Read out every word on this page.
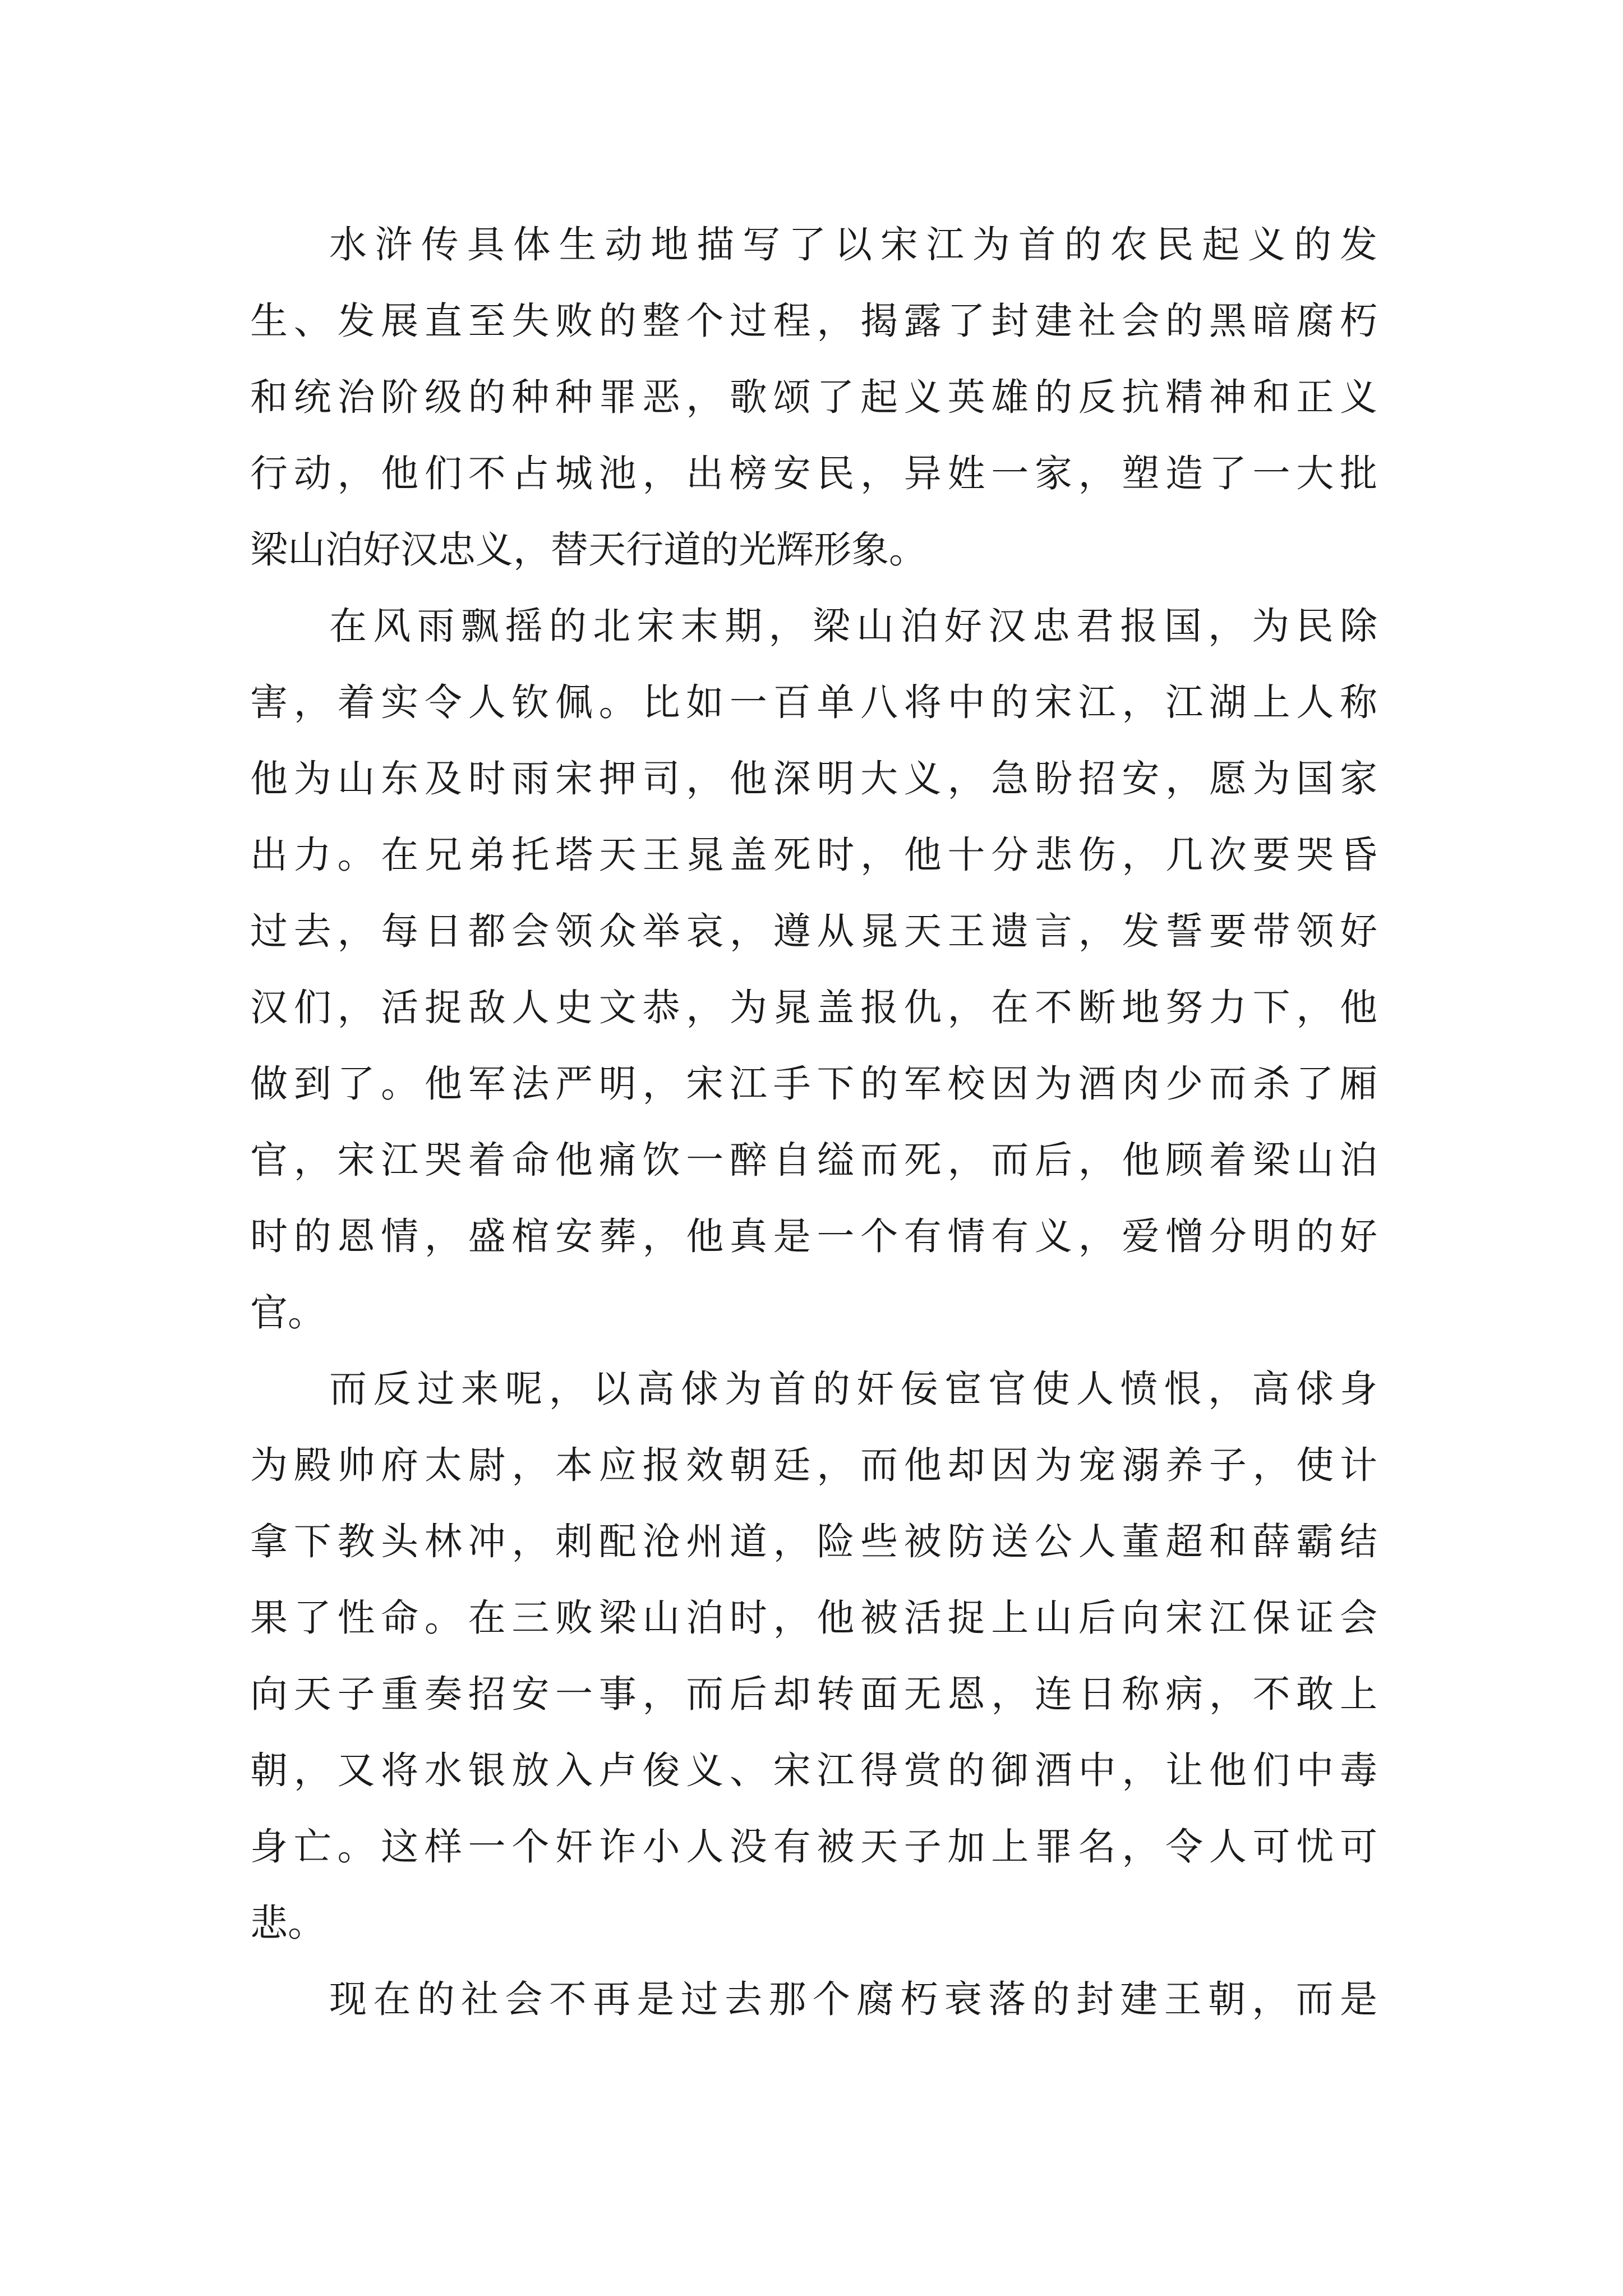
水浒传具体生动地描写了以宋江为首的农民起义的发
生、发展直至失败的整个过程，揭露了封建社会的黑暗腐朽
和统治阶级的种种罪恶，歌颂了起义英雄的反抗精神和正义
行动，他们不占城池，出榜安民，异姓一家，塑造了一大批
梁山泊好汉忠义，替天行道的光辉形象。
在风雨飘摇的北宋末期，梁山泊好汉忠君报国，为民除
害，着实令人钦佩。比如一百单八将中的宋江，江湖上人称
他为山东及时雨宋押司，他深明大义，急盼招安，愿为国家
出力。在兄弟托塔天王晁盖死时，他十分悲伤，几次要哭昏
过去，每日都会领众举哀，遵从晁天王遗言，发誓要带领好
汉们，活捉敌人史文恭，为晁盖报仇，在不断地努力下，他
做到了。他军法严明，宋江手下的军校因为酒肉少而杀了厢
官，宋江哭着命他痛饮一醉自缢而死，而后，他顾着梁山泊
时的恩情，盛棺安葬，他真是一个有情有义，爱憎分明的好
官。
而反过来呢，以高俅为首的奸佞宦官使人愤恨，高俅身
为殿帅府太尉，本应报效朝廷，而他却因为宠溺养子，使计
拿下教头林冲，刺配沧州道，险些被防送公人董超和薛霸结
果了性命。在三败梁山泊时，他被活捉上山后向宋江保证会
向天子重奏招安一事，而后却转面无恩，连日称病，不敢上
朝，又将水银放入卢俊义、宋江得赏的御酒中，让他们中毒
身亡。这样一个奸诈小人没有被天子加上罪名，令人可忧可
悲。
现在的社会不再是过去那个腐朽衰落的封建王朝，而是
